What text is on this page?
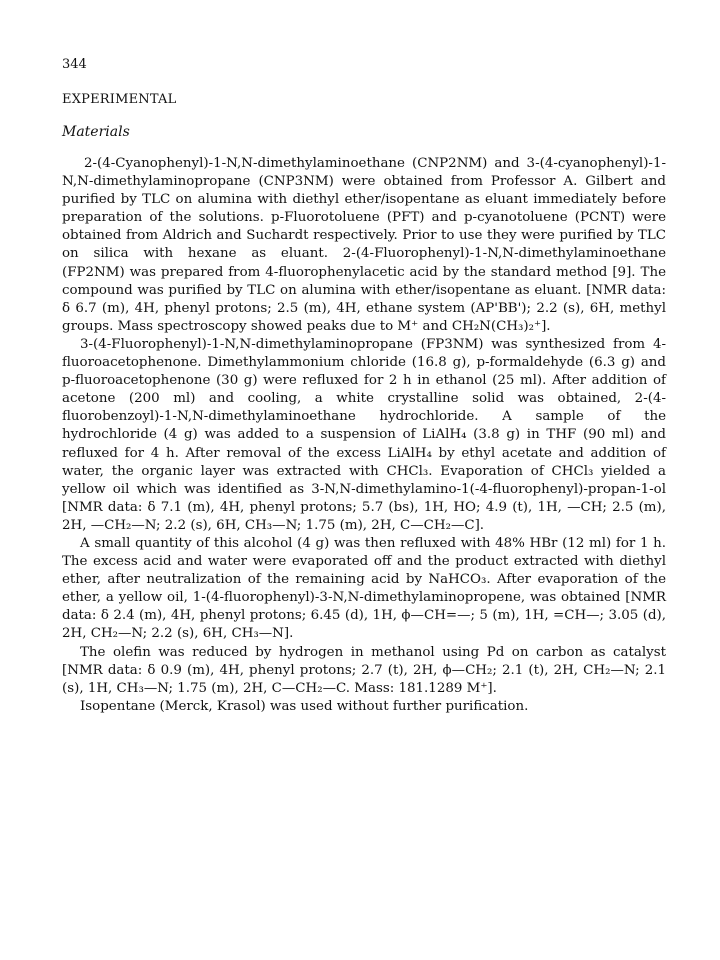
344
EXPERIMENTAL
Materials

2-(4-Cyanophenyl)-1-N,N-dimethylaminoethane (CNP2NM) and 3-(4-cyanophenyl)-1-N,N-dimethylaminopropane (CNP3NM) were obtained from Professor A. Gilbert and purified by TLC on alumina with diethyl ether/isopentane as eluant immediately before preparation of the solutions. p-Fluorotoluene (PFT) and p-cyanotoluene (PCNT) were obtained from Aldrich and Suchardt respectively. Prior to use they were purified by TLC on silica with hexane as eluant. 2-(4-Fluorophenyl)-1-N,N-dimethylaminoethane (FP2NM) was prepared from 4-fluorophenylacetic acid by the standard method [9]. The compound was purified by TLC on alumina with ether/isopentane as eluant. [NMR data: δ 6.7 (m), 4H, phenyl protons; 2.5 (m), 4H, ethane system (AP'BB'); 2.2 (s), 6H, methyl groups. Mass spectroscopy showed peaks due to M⁺ and CH₂N(CH₃)₂⁺].

3-(4-Fluorophenyl)-1-N,N-dimethylaminopropane (FP3NM) was synthesized from 4-fluoroacetophenone. Dimethylammonium chloride (16.8 g), p-formaldehyde (6.3 g) and p-fluoroacetophenone (30 g) were refluxed for 2 h in ethanol (25 ml). After addition of acetone (200 ml) and cooling, a white crystalline solid was obtained, 2-(4-fluorobenzoyl)-1-N,N-dimethylaminoethane hydrochloride. A sample of the hydrochloride (4 g) was added to a suspension of LiAlH₄ (3.8 g) in THF (90 ml) and refluxed for 4 h. After removal of the excess LiAlH₄ by ethyl acetate and addition of water, the organic layer was extracted with CHCl₃. Evaporation of CHCl₃ yielded a yellow oil which was identified as 3-N,N-dimethylamino-1(-4-fluorophenyl)-propan-1-ol [NMR data: δ 7.1 (m), 4H, phenyl protons; 5.7 (bs), 1H, HO; 4.9 (t), 1H, —CH; 2.5 (m), 2H, —CH₂—N; 2.2 (s), 6H, CH₃—N; 1.75 (m), 2H, C—CH₂—C].

A small quantity of this alcohol (4 g) was then refluxed with 48% HBr (12 ml) for 1 h. The excess acid and water were evaporated off and the product extracted with diethyl ether, after neutralization of the remaining acid by NaHCO₃. After evaporation of the ether, a yellow oil, 1-(4-fluorophenyl)-3-N,N-dimethylaminopropene, was obtained [NMR data: δ 2.4 (m), 4H, phenyl protons; 6.45 (d), 1H, ϕ—CH=—; 5 (m), 1H, =CH—; 3.05 (d), 2H, CH₂—N; 2.2 (s), 6H, CH₃—N].

The olefin was reduced by hydrogen in methanol using Pd on carbon as catalyst [NMR data: δ 0.9 (m), 4H, phenyl protons; 2.7 (t), 2H, ϕ—CH₂; 2.1 (t), 2H, CH₂—N; 2.1 (s), 1H, CH₃—N; 1.75 (m), 2H, C—CH₂—C. Mass: 181.1289 M⁺].

Isopentane (Merck, Krasol) was used without further purification.
